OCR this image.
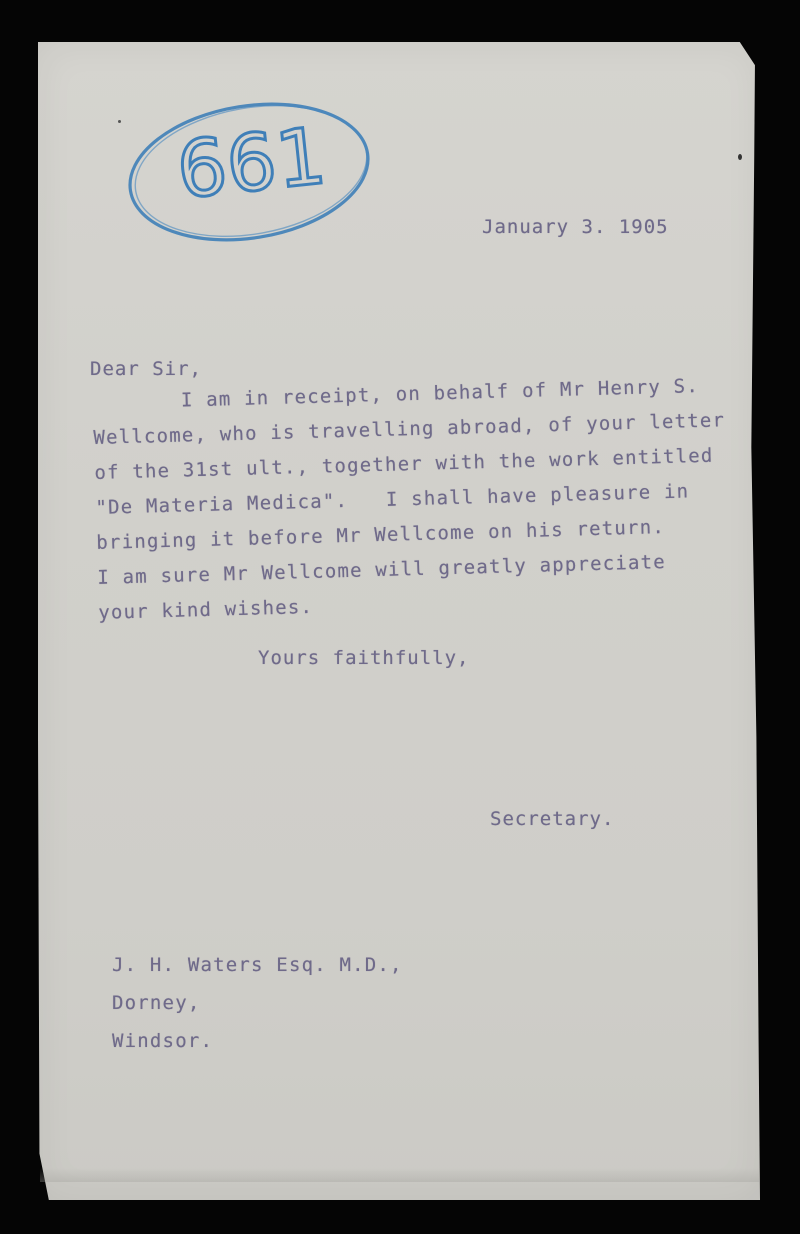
661
January 3. 1905
Dear Sir,
I am in receipt, on behalf of Mr Henry S.
Wellcome, who is travelling abroad, of your letter
of the 31st ult., together with the work entitled
"De Materia Medica".   I shall have pleasure in
bringing it before Mr Wellcome on his return.
I am sure Mr Wellcome will greatly appreciate
your kind wishes.
Yours faithfully,
Secretary.
J. H. Waters Esq. M.D.,
Dorney,
Windsor.
